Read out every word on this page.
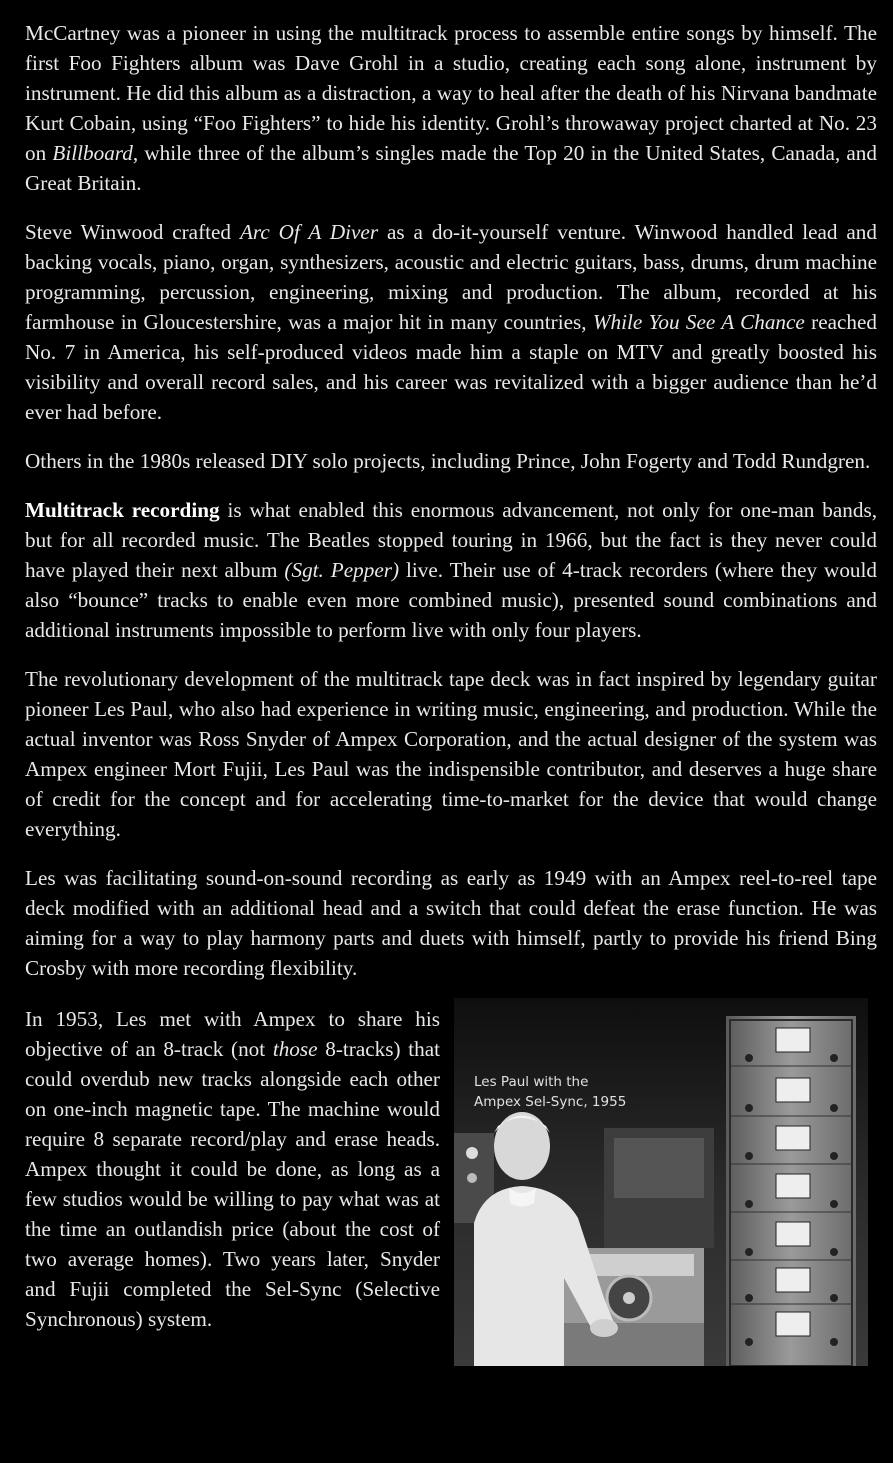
McCartney was a pioneer in using the multitrack process to assemble entire songs by himself. The first Foo Fighters album was Dave Grohl in a studio, creating each song alone, instrument by instrument. He did this album as a distraction, a way to heal after the death of his Nirvana bandmate Kurt Cobain, using “Foo Fighters” to hide his identity. Grohl’s throwaway project charted at No. 23 on Billboard, while three of the album’s singles made the Top 20 in the United States, Canada, and Great Britain.

Steve Winwood crafted Arc Of A Diver as a do-it-yourself venture. Winwood handled lead and backing vocals, piano, organ, synthesizers, acoustic and electric guitars, bass, drums, drum machine programming, percussion, engineering, mixing and production. The album, recorded at his farmhouse in Gloucestershire, was a major hit in many countries, While You See A Chance reached No. 7 in America, his self-produced videos made him a staple on MTV and greatly boosted his visibility and overall record sales, and his career was revitalized with a bigger audience than he’d ever had before.

Others in the 1980s released DIY solo projects, including Prince, John Fogerty and Todd Rundgren.

Multitrack recording is what enabled this enormous advancement, not only for one-man bands, but for all recorded music. The Beatles stopped touring in 1966, but the fact is they never could have played their next album (Sgt. Pepper) live. Their use of 4-track recorders (where they would also “bounce” tracks to enable even more combined music), presented sound combinations and additional instruments impossible to perform live with only four players.

The revolutionary development of the multitrack tape deck was in fact inspired by legendary guitar pioneer Les Paul, who also had experience in writing music, engineering, and production. While the actual inventor was Ross Snyder of Ampex Corporation, and the actual designer of the system was Ampex engineer Mort Fujii, Les Paul was the indispensible contributor, and deserves a huge share of credit for the concept and for accelerating time-to-market for the device that would change everything.

Les was facilitating sound-on-sound recording as early as 1949 with an Ampex reel-to-reel tape deck modified with an additional head and a switch that could defeat the erase function. He was aiming for a way to play harmony parts and duets with himself, partly to provide his friend Bing Crosby with more recording flexibility.

In 1953, Les met with Ampex to share his objective of an 8-track (not those 8-tracks) that could overdub new tracks alongside each other on one-inch magnetic tape. The machine would require 8 separate record/play and erase heads. Ampex thought it could be done, as long as a few studios would be willing to pay what was at the time an outlandish price (about the cost of two average homes). Two years later, Snyder and Fujii completed the Sel-Sync (Selective Synchronous) system.

Les Paul with the
Ampex Sel-Sync, 1955
